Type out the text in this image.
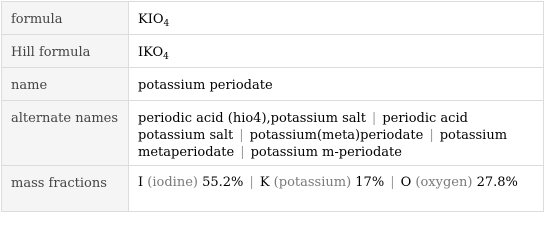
formula	$KIO_4$

Hill formula	$IKO_4$

name	potassium periodate

alternate names	periodic acid (hio4),potassium salt | periodic acid potassium salt | potassium(meta)periodate | potassium metaperiodate | potassium m-periodate

mass fractions	I (iodine) 55.2% | K (potassium) 17% | O (oxygen) 27.8%
